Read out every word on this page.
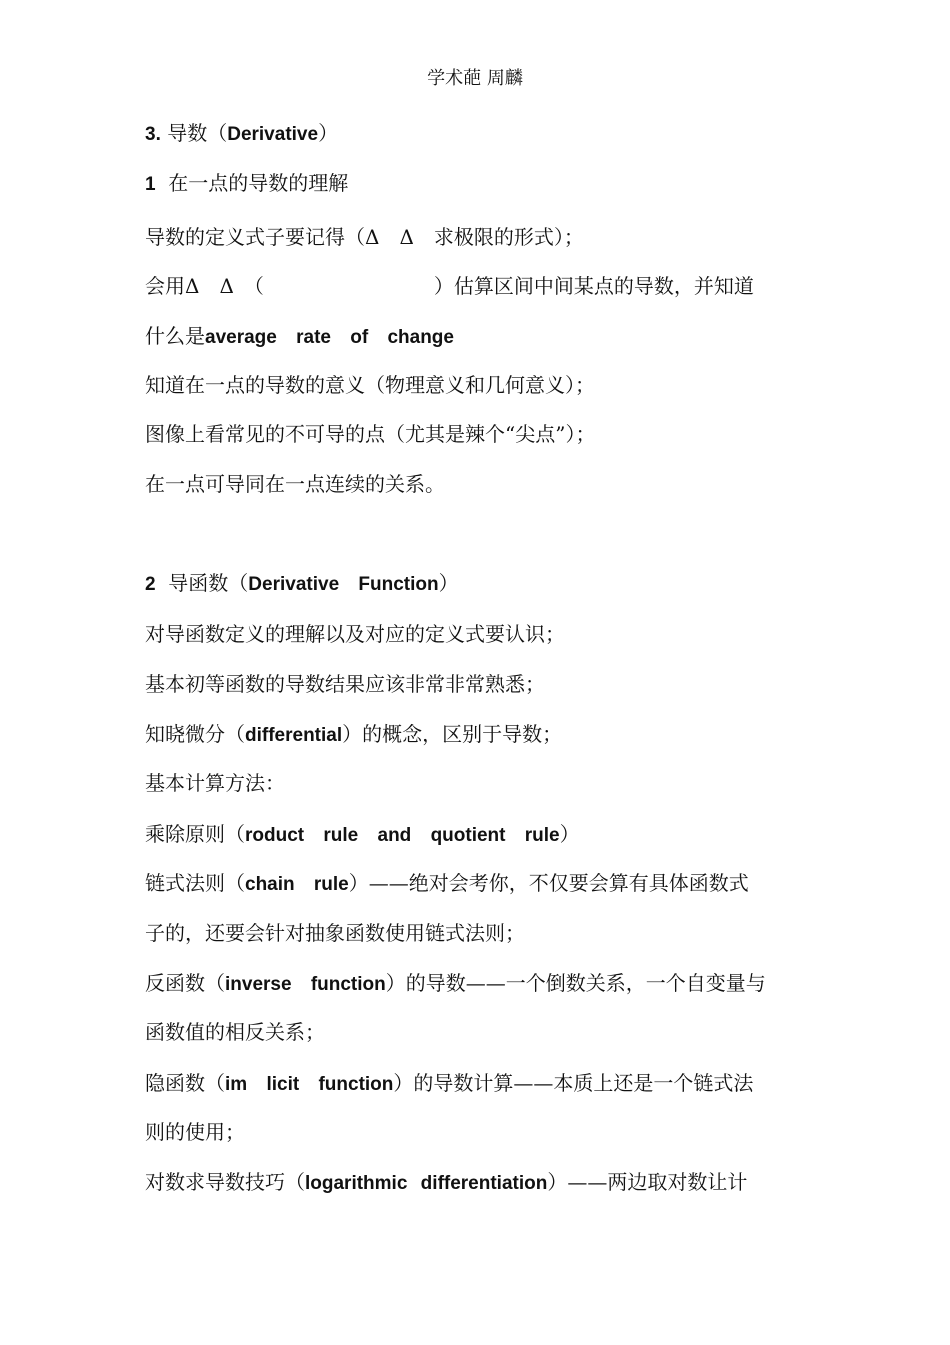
学术葩 周麟
3. 导数（Derivative）
1 在一点的导数的理解
导数的定义式子要记得（Δ　Δ　求极限的形式）；
会用Δ　Δ　（	）估算区间中间某点的导数，并知道
什么是average rate of change
知道在一点的导数的意义（物理意义和几何意义）；
图像上看常见的不可导的点（尤其是辣个“尖点”）；
在一点可导同在一点连续的关系。
2 导函数（Derivative Function）
对导函数定义的理解以及对应的定义式要认识；
基本初等函数的导数结果应该非常非常熟悉；
知晓微分（differential）的概念，区别于导数；
基本计算方法：
乘除原则（roduct rule and quotient rule）
链式法则（chain rule）——绝对会考你，不仅要会算有具体函数式
子的，还要会针对抽象函数使用链式法则；
反函数（inverse function）的导数——一个倒数关系，一个自变量与
函数值的相反关系；
隐函数（im licit function）的导数计算——本质上还是一个链式法
则的使用；
对数求导数技巧（logarithmic differentiation）——两边取对数让计
